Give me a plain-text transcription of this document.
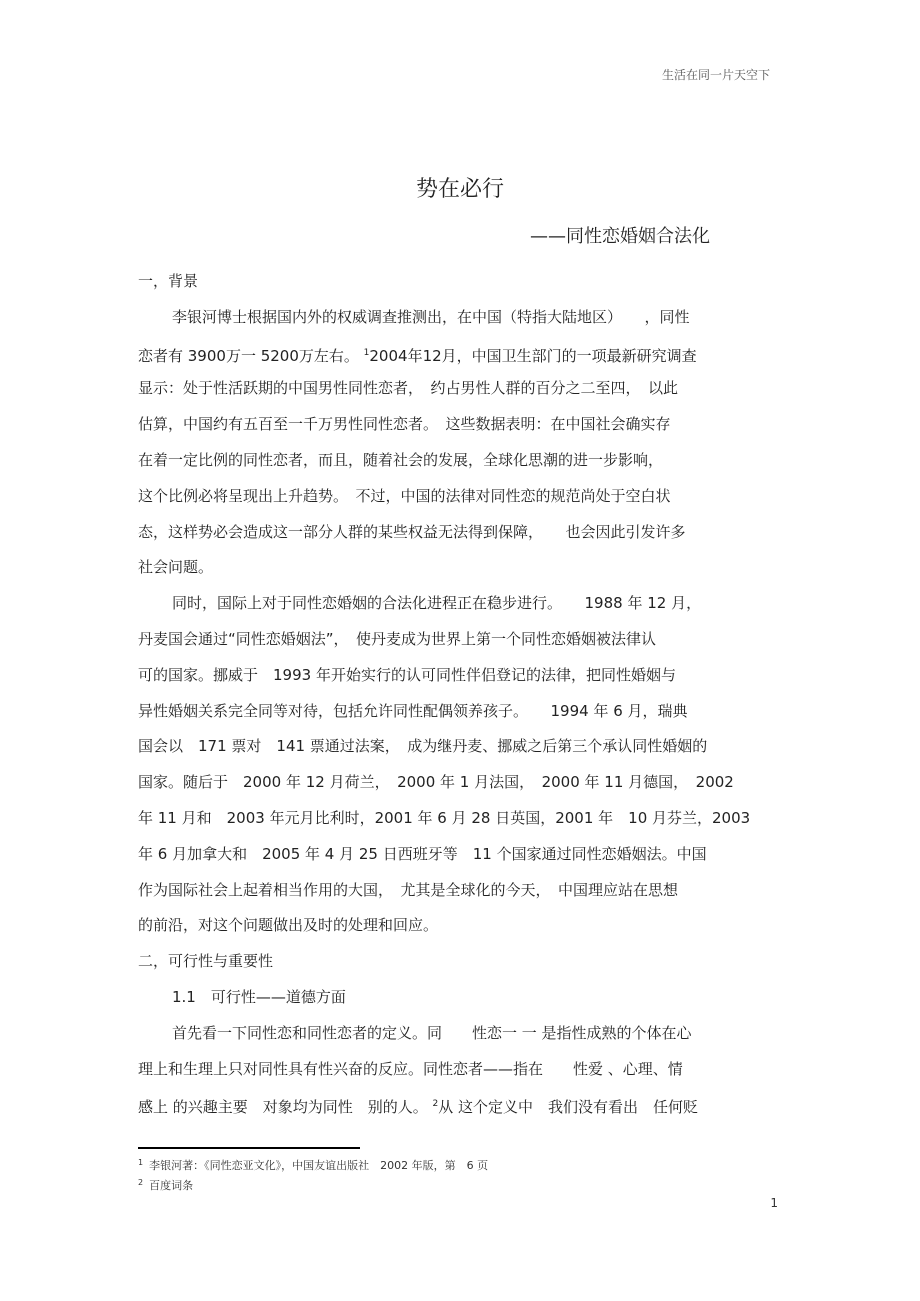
生活在同一片天空下
势在必行
——同性恋婚姻合法化
一，背景
李银河博士根据国内外的权威调查推测出，在中国（特指大陆地区）　　，同性
恋者有 3900万一 5200万左右。 $^1$2004年12月，中国卫生部门的一项最新研究调查
显示：处于性活跃期的中国男性同性恋者，　约占男性人群的百分之二至四，　以此
估算，中国约有五百至一千万男性同性恋者。　这些数据表明：在中国社会确实存
在着一定比例的同性恋者，而且，随着社会的发展，全球化思潮的进一步影响，
这个比例必将呈现出上升趋势。　不过，中国的法律对同性恋的规范尚处于空白状
态，这样势必会造成这一部分人群的某些权益无法得到保障，　　也会因此引发许多
社会问题。
同时，国际上对于同性恋婚姻的合法化进程正在稳步进行。　　1988 年 12 月，
丹麦国会通过“同性恋婚姻法”，　使丹麦成为世界上第一个同性恋婚姻被法律认
可的国家。挪威于　1993 年开始实行的认可同性伴侣登记的法律，把同性婚姻与
异性婚姻关系完全同等对待，包括允许同性配偶领养孩子。　　1994 年 6 月，瑞典
国会以　171 票对　141 票通过法案，　成为继丹麦、挪威之后第三个承认同性婚姻的
国家。随后于　2000 年 12 月荷兰，　2000 年 1 月法国，　2000 年 11 月德国，　2002
年 11 月和　2003 年元月比利时，2001 年 6 月 28 日英国，2001 年　10 月芬兰，2003
年 6 月加拿大和　2005 年 4 月 25 日西班牙等　11 个国家通过同性恋婚姻法。中国
作为国际社会上起着相当作用的大国，　尤其是全球化的今天，　中国理应站在思想
的前沿，对这个问题做出及时的处理和回应。
二，可行性与重要性
1.1　可行性——道德方面
首先看一下同性恋和同性恋者的定义。同　　性恋一 一 是指性成熟的个体在心
理上和生理上只对同性具有性兴奋的反应。同性恋者——指在　　性爱 、心理、情
感上 的兴趣主要　对象均为同性　别的人。 $^2$从 这个定义中　我们没有看出　任何贬
$^1$ 李银河著：《同性恋亚文化》，中国友谊出版社　2002 年版，第　6 页
$^2$ 百度词条
1
